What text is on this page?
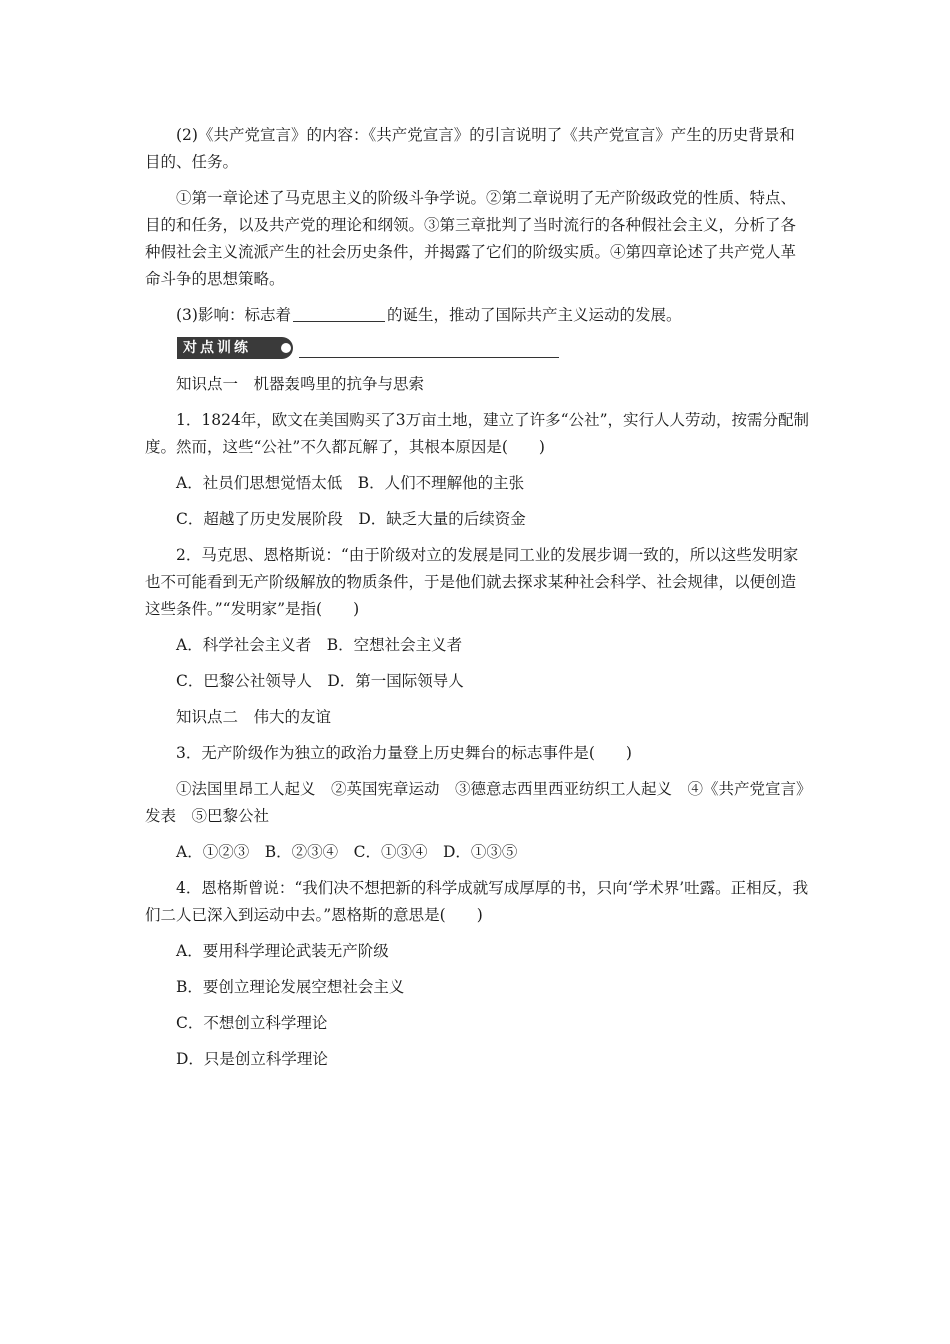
(2)《共产党宣言》的内容：《共产党宣言》的引言说明了《共产党宣言》产生的历史背景和目的、任务。

①第一章论述了马克思主义的阶级斗争学说。②第二章说明了无产阶级政党的性质、特点、目的和任务，以及共产党的理论和纲领。③第三章批判了当时流行的各种假社会主义，分析了各种假社会主义流派产生的社会历史条件，并揭露了它们的阶级实质。④第四章论述了共产党人革命斗争的思想策略。

(3)影响：标志着	的诞生，推动了国际共产主义运动的发展。

对点训练

知识点一　机器轰鸣里的抗争与思索

1．1824年，欧文在美国购买了3万亩土地，建立了许多“公社”，实行人人劳动，按需分配制度。然而，这些“公社”不久都瓦解了，其根本原因是(　　)

A．社员们思想觉悟太低　B．人们不理解他的主张

C．超越了历史发展阶段　D．缺乏大量的后续资金

2．马克思、恩格斯说：“由于阶级对立的发展是同工业的发展步调一致的，所以这些发明家也不可能看到无产阶级解放的物质条件，于是他们就去探求某种社会科学、社会规律，以便创造这些条件。”“发明家”是指(　　)

A．科学社会主义者　B．空想社会主义者

C．巴黎公社领导人　D．第一国际领导人

知识点二　伟大的友谊

3．无产阶级作为独立的政治力量登上历史舞台的标志事件是(　　)

①法国里昂工人起义　②英国宪章运动　③德意志西里西亚纺织工人起义　④《共产党宣言》发表　⑤巴黎公社

A．①②③　B．②③④　C．①③④　D．①③⑤

4．恩格斯曾说：“我们决不想把新的科学成就写成厚厚的书，只向‘学术界’吐露。正相反，我们二人已深入到运动中去。”恩格斯的意思是(　　)

A．要用科学理论武装无产阶级

B．要创立理论发展空想社会主义

C．不想创立科学理论

D．只是创立科学理论
